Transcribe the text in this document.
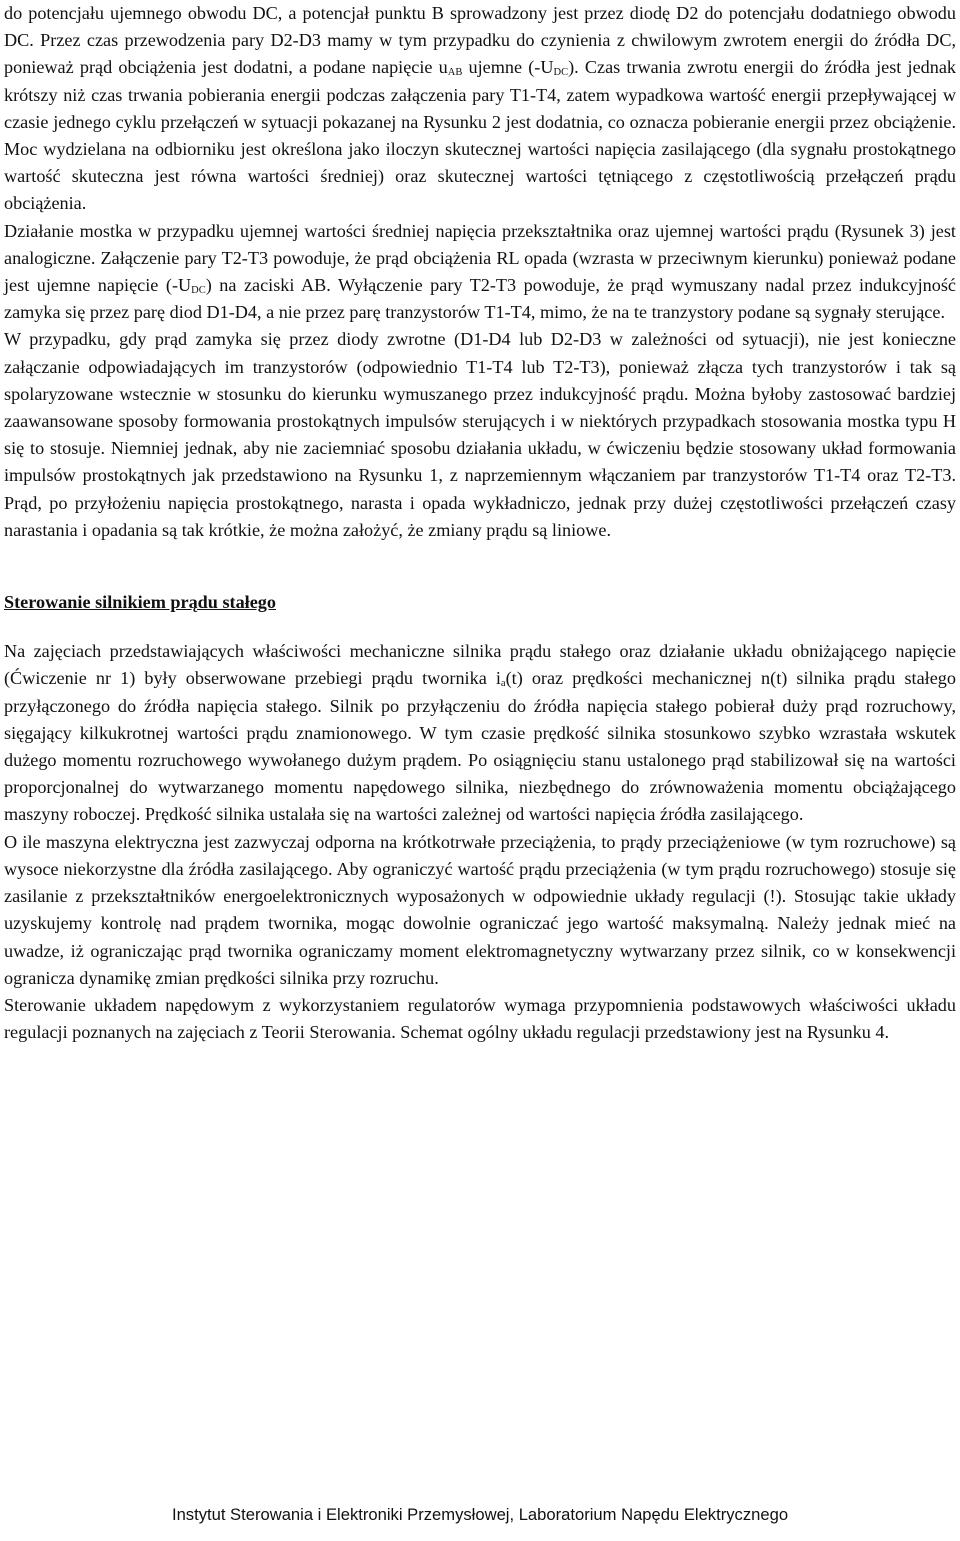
do potencjału ujemnego obwodu DC, a potencjał punktu B sprowadzony jest przez diodę D2 do potencjału dodatniego obwodu DC. Przez czas przewodzenia pary D2-D3 mamy w tym przypadku do czynienia z chwilowym zwrotem energii do źródła DC, ponieważ prąd obciążenia jest dodatni, a podane napięcie $u_{AB}$ ujemne $(-U_{DC})$. Czas trwania zwrotu energii do źródła jest jednak krótszy niż czas trwania pobierania energii podczas załączenia pary T1-T4, zatem wypadkowa wartość energii przepływającej w czasie jednego cyklu przełączeń w sytuacji pokazanej na Rysunku 2 jest dodatnia, co oznacza pobieranie energii przez obciążenie. Moc wydzielana na odbiorniku jest określona jako iloczyn skutecznej wartości napięcia zasilającego (dla sygnału prostokątnego wartość skuteczna jest równa wartości średniej) oraz skutecznej wartości tętniącego z częstotliwością przełączeń prądu obciążenia.

Działanie mostka w przypadku ujemnej wartości średniej napięcia przekształtnika oraz ujemnej wartości prądu (Rysunek 3) jest analogiczne. Załączenie pary T2-T3 powoduje, że prąd obciążenia RL opada (wzrasta w przeciwnym kierunku) ponieważ podane jest ujemne napięcie $(-U_{DC})$ na zaciski AB. Wyłączenie pary T2-T3 powoduje, że prąd wymuszany nadal przez indukcyjność zamyka się przez parę diod D1-D4, a nie przez parę tranzystorów T1-T4, mimo, że na te tranzystory podane są sygnały sterujące.

W przypadku, gdy prąd zamyka się przez diody zwrotne (D1-D4 lub D2-D3 w zależności od sytuacji), nie jest konieczne załączanie odpowiadających im tranzystorów (odpowiednio T1-T4 lub T2-T3), ponieważ złącza tych tranzystorów i tak są spolaryzowane wstecznie w stosunku do kierunku wymuszanego przez indukcyjność prądu. Można byłoby zastosować bardziej zaawansowane sposoby formowania prostokątnych impulsów sterujących i w niektórych przypadkach stosowania mostka typu H się to stosuje. Niemniej jednak, aby nie zaciemniać sposobu działania układu, w ćwiczeniu będzie stosowany układ formowania impulsów prostokątnych jak przedstawiono na Rysunku 1, z naprzemiennym włączaniem par tranzystorów T1-T4 oraz T2-T3. Prąd, po przyłożeniu napięcia prostokątnego, narasta i opada wykładniczo, jednak przy dużej częstotliwości przełączeń czasy narastania i opadania są tak krótkie, że można założyć, że zmiany prądu są liniowe.

Sterowanie silnikiem prądu stałego

Na zajęciach przedstawiających właściwości mechaniczne silnika prądu stałego oraz działanie układu obniżającego napięcie (Ćwiczenie nr 1) były obserwowane przebiegi prądu twornika $i_a(t)$ oraz prędkości mechanicznej n(t) silnika prądu stałego przyłączonego do źródła napięcia stałego. Silnik po przyłączeniu do źródła napięcia stałego pobierał duży prąd rozruchowy, sięgający kilkukrotnej wartości prądu znamionowego. W tym czasie prędkość silnika stosunkowo szybko wzrastała wskutek dużego momentu rozruchowego wywołanego dużym prądem. Po osiągnięciu stanu ustalonego prąd stabilizował się na wartości proporcjonalnej do wytwarzanego momentu napędowego silnika, niezbędnego do zrównoważenia momentu obciążającego maszyny roboczej. Prędkość silnika ustalała się na wartości zależnej od wartości napięcia źródła zasilającego.

O ile maszyna elektryczna jest zazwyczaj odporna na krótkotrwałe przeciążenia, to prądy przeciążeniowe (w tym rozruchowe) są wysoce niekorzystne dla źródła zasilającego. Aby ograniczyć wartość prądu przeciążenia (w tym prądu rozruchowego) stosuje się zasilanie z przekształtników energoelektronicznych wyposażonych w odpowiednie układy regulacji (!). Stosując takie układy uzyskujemy kontrolę nad prądem twornika, mogąc dowolnie ograniczać jego wartość maksymalną. Należy jednak mieć na uwadze, iż ograniczając prąd twornika ograniczamy moment elektromagnetyczny wytwarzany przez silnik, co w konsekwencji ogranicza dynamikę zmian prędkości silnika przy rozruchu.

Sterowanie układem napędowym z wykorzystaniem regulatorów wymaga przypomnienia podstawowych właściwości układu regulacji poznanych na zajęciach z Teorii Sterowania. Schemat ogólny układu regulacji przedstawiony jest na Rysunku 4.

Instytut Sterowania i Elektroniki Przemysłowej, Laboratorium Napędu Elektrycznego
